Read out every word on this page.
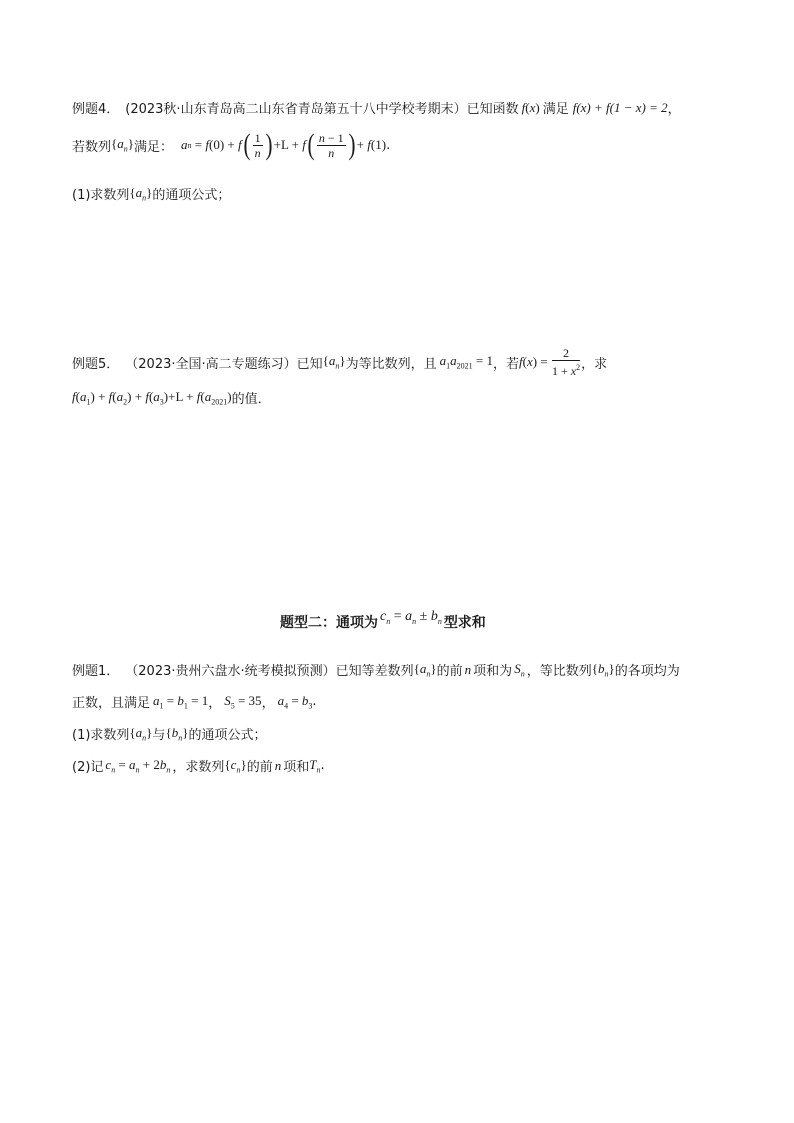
例题4． (2023秋·山东青岛高二山东省青岛第五十八中学校考期末） 已知函数 f(x) 满足 f(x) + f(1 − x) = 2 ，
若数列 $\{a_n\}$ 满足： a n
= f (0)
+ f ( $\frac{1}{n}$ ) +L + f ( $\frac{n - 1}{n}$ ) + f (1) .
(1)求数列 $\{a_n\}$ 的通项公式；
例题5． （2023·全国·高二专题练习） 已知 $\{a_n\}$ 为等比数列，且 $a_1a_{2021} = 1$ ，若 f ( x )
=
$\frac{2}{1 + x^2}$ ，求
$f(a_1) + f(a_2) + f(a_3)+L + f(a_{2021})$ 的值．
题型二：通项为 $c_n = a_n \pm b_n$ 型求和
例题1． （2023·贵州六盘水·统考模拟预测） 已知等差数列 $\{a_n\}$ 的前 n 项和为 $S_n$ ，等比数列 $\{b_n\}$ 的各项均为
正数，且满足 $a_1 = b_1 = 1$ ， $S_5 = 35$ ， $a_4 = b_3$ .
(1)求数列 $\{a_n\}$ 与 $\{b_n\}$ 的通项公式；
(2)记 $c_n = a_n + 2b_n$ ，求数列 $\{c_n\}$ 的前 n 项和 $T_n$ .
